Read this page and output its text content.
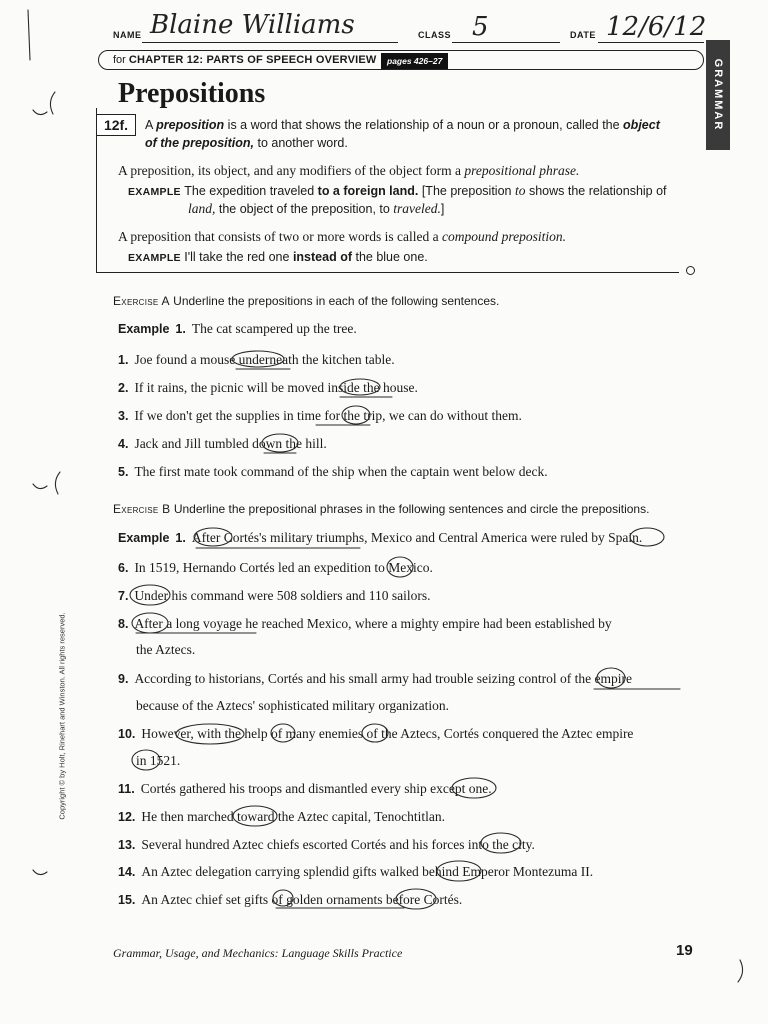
NAME Blaine Williams	CLASS 5	DATE 12/6/12
for CHAPTER 12: PARTS OF SPEECH OVERVIEW	pages 426–27	GRAMMAR
Prepositions
12f.	A preposition is a word that shows the relationship of a noun or a pronoun, called the object of the preposition, to another word.
A preposition, its object, and any modifiers of the object form a prepositional phrase.
EXAMPLE The expedition traveled to a foreign land. [The preposition to shows the relationship of
land, the object of the preposition, to traveled.]
A preposition that consists of two or more words is called a compound preposition.
EXAMPLE I'll take the red one instead of the blue one.
Exercise A Underline the prepositions in each of the following sentences.
Example 1. The cat scampered up the tree.
1. Joe found a mouse underneath the kitchen table.
2. If it rains, the picnic will be moved inside the house.
3. If we don't get the supplies in time for the trip, we can do without them.
4. Jack and Jill tumbled down the hill.
5. The first mate took command of the ship when the captain went below deck.
Exercise B Underline the prepositional phrases in the following sentences and circle the prepositions.
Example 1. After Cortés's military triumphs, Mexico and Central America were ruled by Spain.
6. In 1519, Hernando Cortés led an expedition to Mexico.
7. Under his command were 508 soldiers and 110 sailors.
8. After a long voyage he reached Mexico, where a mighty empire had been established by
the Aztecs.
9. According to historians, Cortés and his small army had trouble seizing control of the empire
because of the Aztecs' sophisticated military organization.
10. However, with the help of many enemies of the Aztecs, Cortés conquered the Aztec empire
in 1521.
11. Cortés gathered his troops and dismantled every ship except one.
12. He then marched toward the Aztec capital, Tenochtitlan.
13. Several hundred Aztec chiefs escorted Cortés and his forces into the city.
14. An Aztec delegation carrying splendid gifts walked behind Emperor Montezuma II.
15. An Aztec chief set gifts of golden ornaments before Cortés.
Grammar, Usage, and Mechanics: Language Skills Practice	19
Copyright © by Holt, Rinehart and Winston. All rights reserved.
